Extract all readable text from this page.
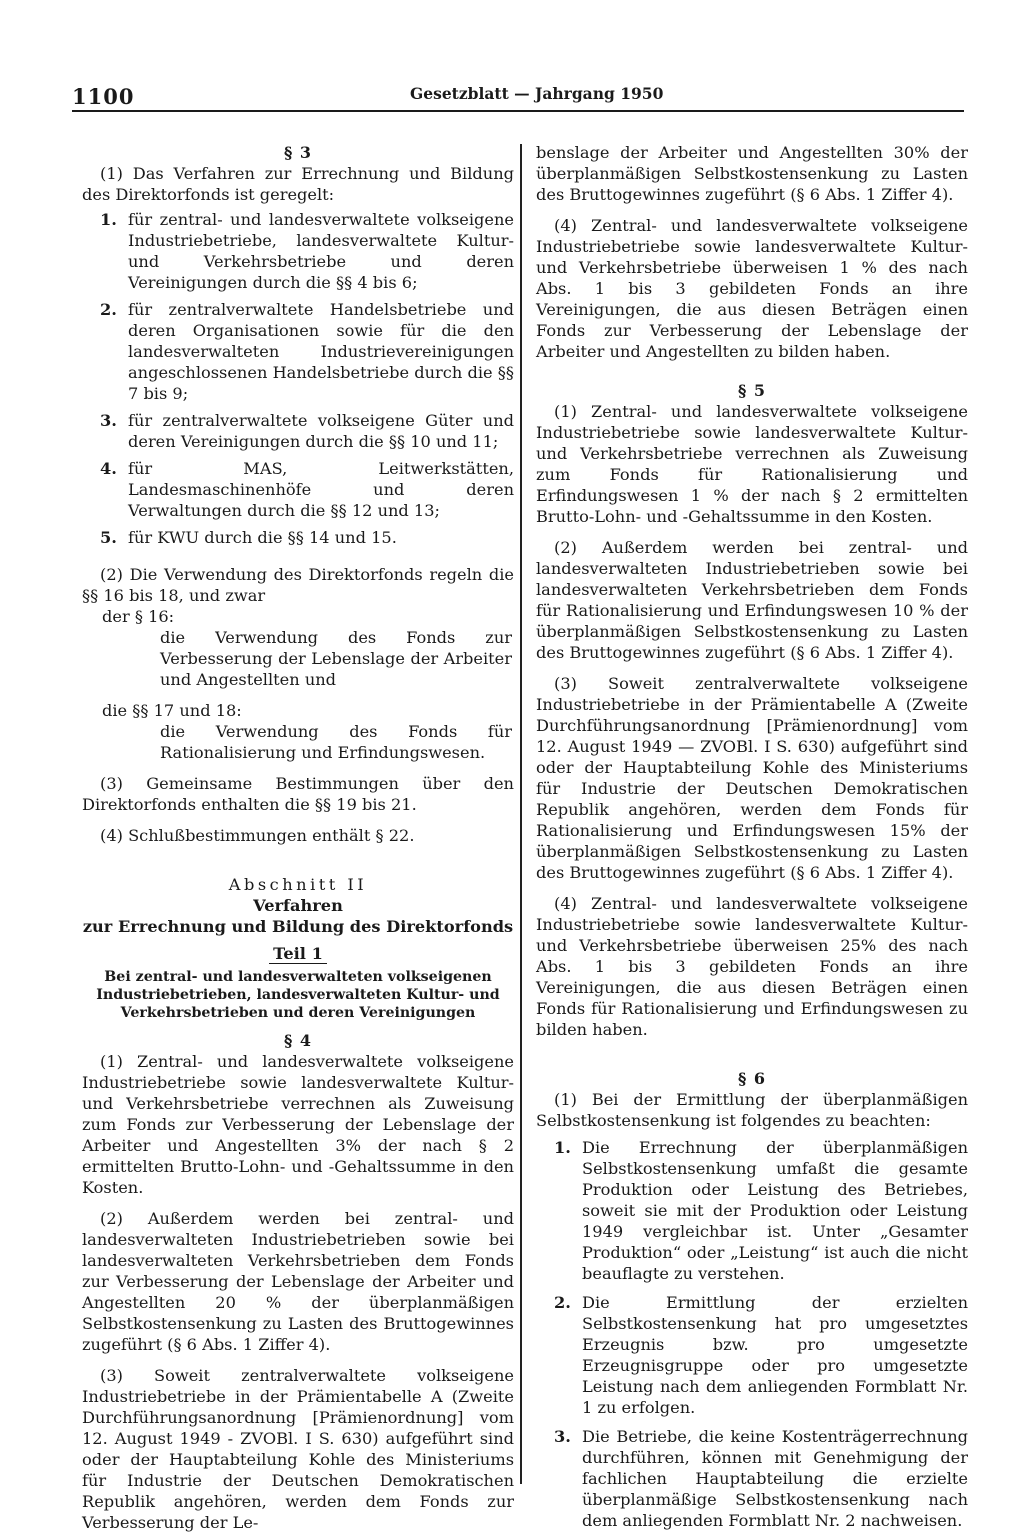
1100	Gesetzblatt — Jahrgang 1950

§ 3

(1) Das Verfahren zur Errechnung und Bildung des Direktorfonds ist geregelt:

1. für zentral- und landesverwaltete volkseigene Industriebetriebe, landesverwaltete Kultur- und Verkehrsbetriebe und deren Vereinigungen durch die §§ 4 bis 6;
2. für zentralverwaltete Handelsbetriebe und deren Organisationen sowie für die den landesverwalteten Industrievereinigungen angeschlossenen Handelsbetriebe durch die §§ 7 bis 9;
3. für zentralverwaltete volkseigene Güter und deren Vereinigungen durch die §§ 10 und 11;
4. für MAS, Leitwerkstätten, Landesmaschinenhöfe und deren Verwaltungen durch die §§ 12 und 13;
5. für KWU durch die §§ 14 und 15.

(2) Die Verwendung des Direktorfonds regeln die §§ 16 bis 18, und zwar

der § 16:

die Verwendung des Fonds zur Verbesserung der Lebenslage der Arbeiter und Angestellten und

die §§ 17 und 18:

die Verwendung des Fonds für Rationalisierung und Erfindungswesen.

(3) Gemeinsame Bestimmungen über den Direktorfonds enthalten die §§ 19 bis 21.

(4) Schlußbestimmungen enthält § 22.

Abschnitt II

Verfahren

zur Errechnung und Bildung des Direktorfonds

Teil 1

Bei zentral- und landesverwalteten volkseigenen Industriebetrieben, landesverwalteten Kultur- und Verkehrsbetrieben und deren Vereinigungen

§ 4

(1) Zentral- und landesverwaltete volkseigene Industriebetriebe sowie landesverwaltete Kultur- und Verkehrsbetriebe verrechnen als Zuweisung zum Fonds zur Verbesserung der Lebenslage der Arbeiter und Angestellten 3% der nach § 2 ermittelten Brutto-Lohn- und -Gehaltssumme in den Kosten.

(2) Außerdem werden bei zentral- und landesverwalteten Industriebetrieben sowie bei landesverwalteten Verkehrsbetrieben dem Fonds zur Verbesserung der Lebenslage der Arbeiter und Angestellten 20 % der überplanmäßigen Selbstkostensenkung zu Lasten des Bruttogewinnes zugeführt (§ 6 Abs. 1 Ziffer 4).

(3) Soweit zentralverwaltete volkseigene Industriebetriebe in der Prämientabelle A (Zweite Durchführungsanordnung [Prämienordnung] vom 12. August 1949 - ZVOBl. I S. 630) aufgeführt sind oder der Hauptabteilung Kohle des Ministeriums für Industrie der Deutschen Demokratischen Republik angehören, werden dem Fonds zur Verbesserung der Le-

benslage der Arbeiter und Angestellten 30% der überplanmäßigen Selbstkostensenkung zu Lasten des Bruttogewinnes zugeführt (§ 6 Abs. 1 Ziffer 4).

(4) Zentral- und landesverwaltete volkseigene Industriebetriebe sowie landesverwaltete Kultur- und Verkehrsbetriebe überweisen 1 % des nach Abs. 1 bis 3 gebildeten Fonds an ihre Vereinigungen, die aus diesen Beträgen einen Fonds zur Verbesserung der Lebenslage der Arbeiter und Angestellten zu bilden haben.

§ 5

(1) Zentral- und landesverwaltete volkseigene Industriebetriebe sowie landesverwaltete Kultur- und Verkehrsbetriebe verrechnen als Zuweisung zum Fonds für Rationalisierung und Erfindungswesen 1 % der nach § 2 ermittelten Brutto-Lohn- und -Gehaltssumme in den Kosten.

(2) Außerdem werden bei zentral- und landesverwalteten Industriebetrieben sowie bei landesverwalteten Verkehrsbetrieben dem Fonds für Rationalisierung und Erfindungswesen 10 % der überplanmäßigen Selbstkostensenkung zu Lasten des Bruttogewinnes zugeführt (§ 6 Abs. 1 Ziffer 4).

(3) Soweit zentralverwaltete volkseigene Industriebetriebe in der Prämientabelle A (Zweite Durchführungsanordnung [Prämienordnung] vom 12. August 1949 — ZVOBl. I S. 630) aufgeführt sind oder der Hauptabteilung Kohle des Ministeriums für Industrie der Deutschen Demokratischen Republik angehören, werden dem Fonds für Rationalisierung und Erfindungswesen 15% der überplanmäßigen Selbstkostensenkung zu Lasten des Bruttogewinnes zugeführt (§ 6 Abs. 1 Ziffer 4).

(4) Zentral- und landesverwaltete volkseigene Industriebetriebe sowie landesverwaltete Kultur- und Verkehrsbetriebe überweisen 25% des nach Abs. 1 bis 3 gebildeten Fonds an ihre Vereinigungen, die aus diesen Beträgen einen Fonds für Rationalisierung und Erfindungswesen zu bilden haben.

§ 6

(1) Bei der Ermittlung der überplanmäßigen Selbstkostensenkung ist folgendes zu beachten:

1. Die Errechnung der überplanmäßigen Selbstkostensenkung umfaßt die gesamte Produktion oder Leistung des Betriebes, soweit sie mit der Produktion oder Leistung 1949 vergleichbar ist. Unter „Gesamter Produktion“ oder „Leistung“ ist auch die nicht beauflagte zu verstehen.
2. Die Ermittlung der erzielten Selbstkostensenkung hat pro umgesetztes Erzeugnis bzw. pro umgesetzte Erzeugnisgruppe oder pro umgesetzte Leistung nach dem anliegenden Formblatt Nr. 1 zu erfolgen.
3. Die Betriebe, die keine Kostenträgerrechnung durchführen, können mit Genehmigung der fachlichen Hauptabteilung die erzielte überplanmäßige Selbstkostensenkung nach dem anliegenden Formblatt Nr. 2 nachweisen.
